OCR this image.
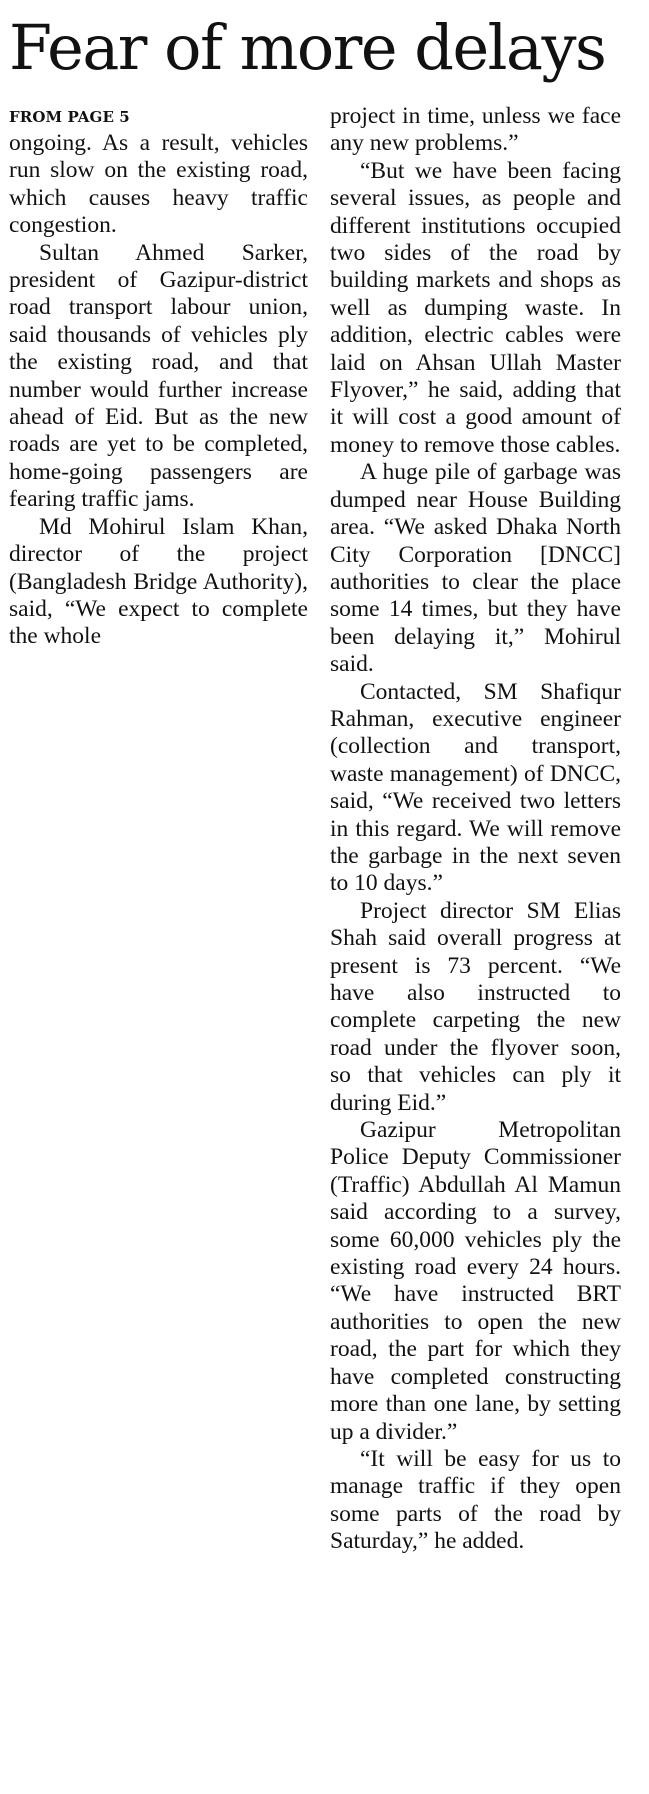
Fear of more delays
FROM PAGE 5

ongoing. As a result, vehicles run slow on the existing road, which causes heavy traffic congestion.

Sultan Ahmed Sarker, president of Gazipur-district road transport labour union, said thousands of vehicles ply the existing road, and that number would further increase ahead of Eid. But as the new roads are yet to be completed, home-going passengers are fearing traffic jams.

Md Mohirul Islam Khan, director of the project (Bangladesh Bridge Authority), said, “We expect to complete the whole

project in time, unless we face any new problems.”

“But we have been facing several issues, as people and different institutions occupied two sides of the road by building markets and shops as well as dumping waste. In addition, electric cables were laid on Ahsan Ullah Master Flyover,” he said, adding that it will cost a good amount of money to remove those cables.

A huge pile of garbage was dumped near House Building area. “We asked Dhaka North City Corporation [DNCC] authorities to clear the place some 14 times, but they have been delaying it,” Mohirul said.

Contacted, SM Shafiqur Rahman, executive engineer (collection and transport, waste management) of DNCC, said, “We received two letters in this regard. We will remove the garbage in the next seven to 10 days.”

Project director SM Elias Shah said overall progress at present is 73 percent. “We have also instructed to complete carpeting the new road under the flyover soon, so that vehicles can ply it during Eid.”

Gazipur Metropolitan Police Deputy Commissioner (Traffic) Abdullah Al Mamun said according to a survey, some 60,000 vehicles ply the existing road every 24 hours. “We have instructed BRT authorities to open the new road, the part for which they have completed constructing more than one lane, by setting up a divider.”

“It will be easy for us to manage traffic if they open some parts of the road by Saturday,” he added.
